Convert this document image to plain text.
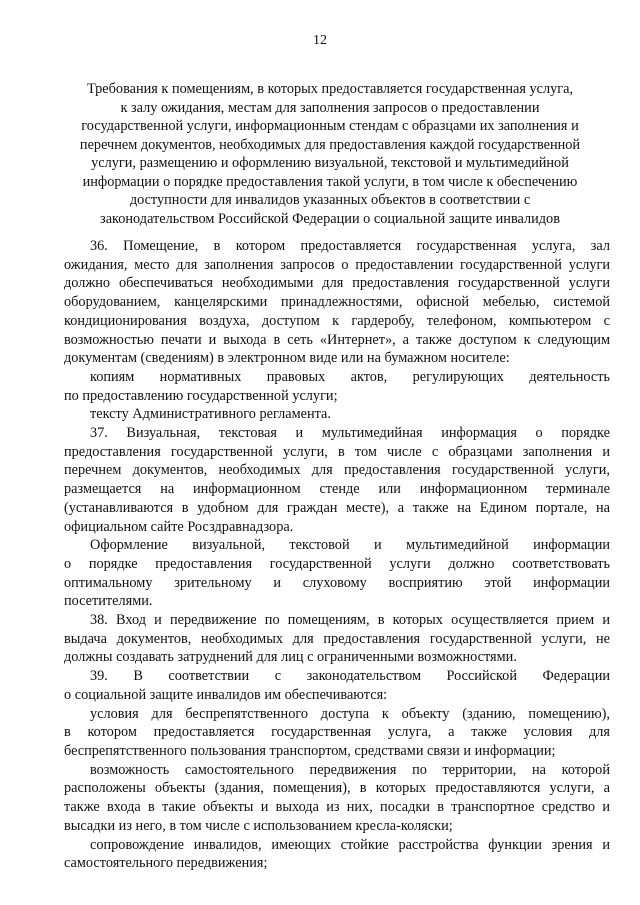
12
Требования к помещениям, в которых предоставляется государственная услуга,
к залу ожидания, местам для заполнения запросов о предоставлении
государственной услуги, информационным стендам с образцами их заполнения и
перечнем документов, необходимых для предоставления каждой государственной
услуги, размещению и оформлению визуальной, текстовой и мультимедийной
информации о порядке предоставления такой услуги, в том числе к обеспечению
доступности для инвалидов указанных объектов в соответствии с
законодательством Российской Федерации о социальной защите инвалидов
36. Помещение, в котором предоставляется государственная услуга, зал
ожидания, место для заполнения запросов о предоставлении государственной услуги
должно обеспечиваться необходимыми для предоставления государственной услуги
оборудованием, канцелярскими принадлежностями, офисной мебелью, системой
кондиционирования воздуха, доступом к гардеробу, телефоном, компьютером с
возможностью печати и выхода в сеть «Интернет», а также доступом к следующим
документам (сведениям) в электронном виде или на бумажном носителе:
копиям нормативных правовых актов, регулирующих деятельность
по предоставлению государственной услуги;
тексту Административного регламента.
37. Визуальная, текстовая и мультимедийная информация о порядке
предоставления государственной услуги, в том числе с образцами заполнения и
перечнем документов, необходимых для предоставления государственной услуги,
размещается на информационном стенде или информационном терминале
(устанавливаются в удобном для граждан месте), а также на Едином портале, на
официальном сайте Росздравнадзора.
Оформление визуальной, текстовой и мультимедийной информации
о порядке предоставления государственной услуги должно соответствовать
оптимальному зрительному и слуховому восприятию этой информации
посетителями.
38. Вход и передвижение по помещениям, в которых осуществляется прием и
выдача документов, необходимых для предоставления государственной услуги, не
должны создавать затруднений для лиц с ограниченными возможностями.
39. В соответствии с законодательством Российской Федерации
о социальной защите инвалидов им обеспечиваются:
условия для беспрепятственного доступа к объекту (зданию, помещению),
в котором предоставляется государственная услуга, а также условия для
беспрепятственного пользования транспортом, средствами связи и информации;
возможность самостоятельного передвижения по территории, на которой
расположены объекты (здания, помещения), в которых предоставляются услуги, а
также входа в такие объекты и выхода из них, посадки в транспортное средство и
высадки из него, в том числе с использованием кресла-коляски;
сопровождение инвалидов, имеющих стойкие расстройства функции зрения и
самостоятельного передвижения;
